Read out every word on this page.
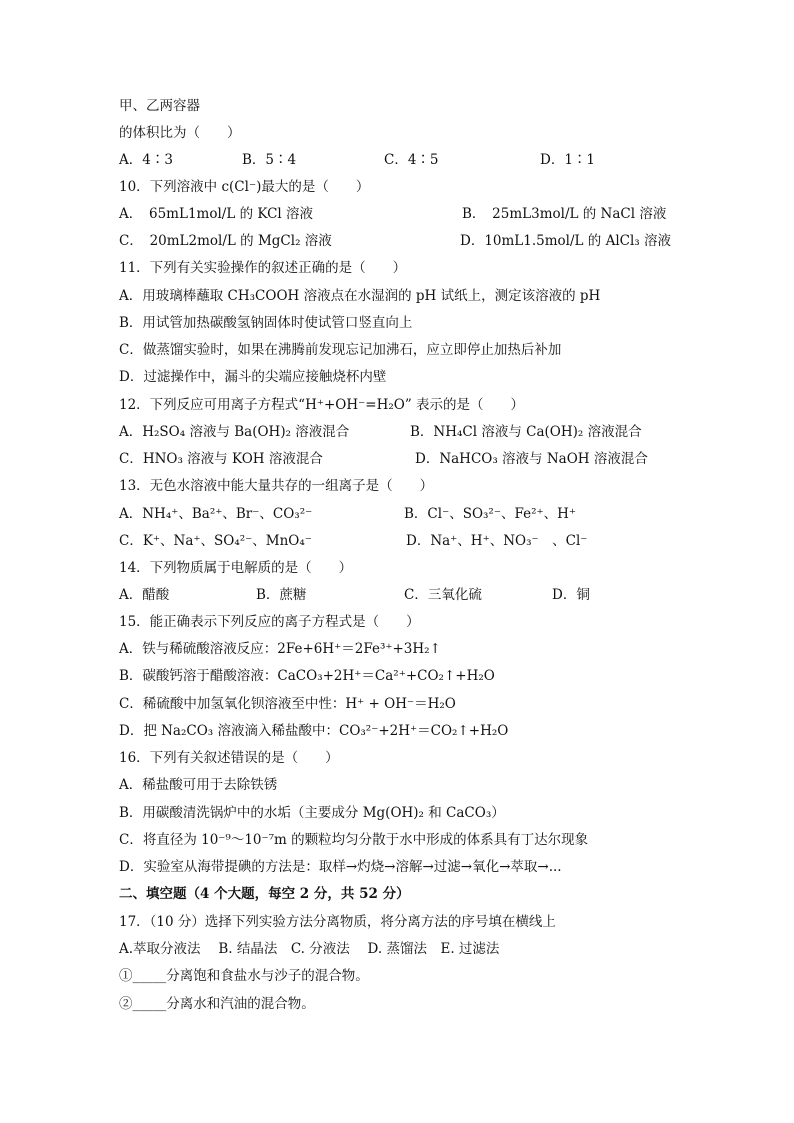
甲、乙两容器
的体积比为（　　）
A．4∶3	B．5∶4	C．4∶5	D．1∶1
10．下列溶液中 c(Cl⁻)最大的是（　　）
A．　65mL1mol/L 的 KCl 溶液	B．　25mL3mol/L 的 NaCl 溶液
C．　20mL2mol/L 的 MgCl₂ 溶液	D．10mL1.5mol/L 的 AlCl₃ 溶液
11．下列有关实验操作的叙述正确的是（　　）
A．用玻璃棒蘸取 CH₃COOH 溶液点在水湿润的 pH 试纸上，测定该溶液的 pH
B．用试管加热碳酸氢钠固体时使试管口竖直向上
C．做蒸馏实验时，如果在沸腾前发现忘记加沸石，应立即停止加热后补加
D．过滤操作中，漏斗的尖端应接触烧杯内壁
12．下列反应可用离子方程式“H⁺+OH⁻=H₂O” 表示的是（　　）
A．H₂SO₄ 溶液与 Ba(OH)₂ 溶液混合	B．NH₄Cl 溶液与 Ca(OH)₂ 溶液混合
C．HNO₃ 溶液与 KOH 溶液混合	D．NaHCO₃ 溶液与 NaOH 溶液混合
13．无色水溶液中能大量共存的一组离子是（　　）
A．NH₄⁺、Ba²⁺、Br⁻、CO₃²⁻	B．Cl⁻、SO₃²⁻、Fe²⁺、H⁺
C．K⁺、Na⁺、SO₄²⁻、MnO₄⁻	D．Na⁺、H⁺、NO₃⁻　、Cl⁻
14．下列物质属于电解质的是（　　）
A．醋酸	B．蔗糖	C．三氧化硫	D．铜
15．能正确表示下列反应的离子方程式是（　　）
A．铁与稀硫酸溶液反应：2Fe+6H⁺＝2Fe³⁺+3H₂↑
B．碳酸钙溶于醋酸溶液：CaCO₃+2H⁺＝Ca²⁺+CO₂↑+H₂O
C．稀硫酸中加氢氧化钡溶液至中性：H⁺ + OH⁻＝H₂O
D．把 Na₂CO₃ 溶液滴入稀盐酸中：CO₃²⁻+2H⁺＝CO₂↑+H₂O
16．下列有关叙述错误的是（　　）
A．稀盐酸可用于去除铁锈
B．用碳酸清洗锅炉中的水垢（主要成分 Mg(OH)₂ 和 CaCO₃）
C．将直径为 10⁻⁹～10⁻⁷m 的颗粒均匀分散于水中形成的体系具有丁达尔现象
D．实验室从海带提碘的方法是：取样→灼烧→溶解→过滤→氧化→萃取→...
二、填空题（4 个大题，每空 2 分，共 52 分）
17．（10 分）选择下列实验方法分离物质，将分离方法的序号填在横线上
A.萃取分液法　 B. 结晶法　C. 分液法　 D. 蒸馏法　E. 过滤法
①_____分离饱和食盐水与沙子的混合物。
②_____分离水和汽油的混合物。
